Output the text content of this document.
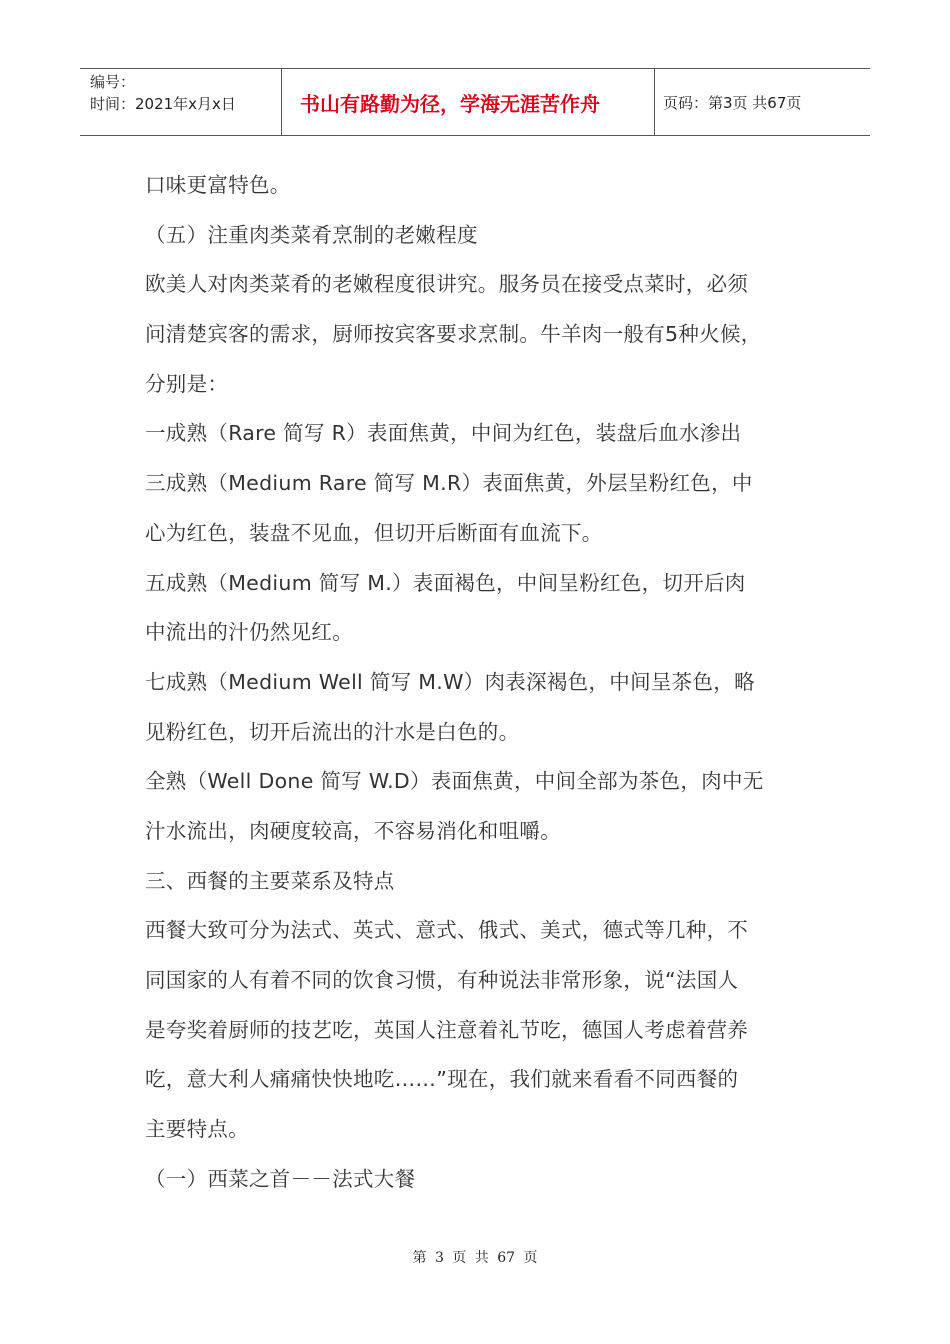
编号：
时间：2021年x月x日	书山有路勤为径，学海无涯苦作舟	页码：第3页 共67页
口味更富特色。
（五）注重肉类菜肴烹制的老嫩程度
欧美人对肉类菜肴的老嫩程度很讲究。服务员在接受点菜时，必须
问清楚宾客的需求，厨师按宾客要求烹制。牛羊肉一般有5种火候，
分别是：
一成熟（Rare 简写 R）表面焦黄，中间为红色，装盘后血水渗出
三成熟（Medium Rare 简写 M.R）表面焦黄，外层呈粉红色，中
心为红色，装盘不见血，但切开后断面有血流下。
五成熟（Medium 简写 M.）表面褐色，中间呈粉红色，切开后肉
中流出的汁仍然见红。
七成熟（Medium Well 简写 M.W）肉表深褐色，中间呈茶色，略
见粉红色，切开后流出的汁水是白色的。
全熟（Well Done 简写 W.D）表面焦黄，中间全部为茶色，肉中无
汁水流出，肉硬度较高，不容易消化和咀嚼。
三、西餐的主要菜系及特点
西餐大致可分为法式、英式、意式、俄式、美式，德式等几种，不
同国家的人有着不同的饮食习惯，有种说法非常形象，说“法国人
是夸奖着厨师的技艺吃，英国人注意着礼节吃，德国人考虑着营养
吃，意大利人痛痛快快地吃……”现在，我们就来看看不同西餐的
主要特点。
（一）西菜之首－－法式大餐
第 3 页 共 67 页
